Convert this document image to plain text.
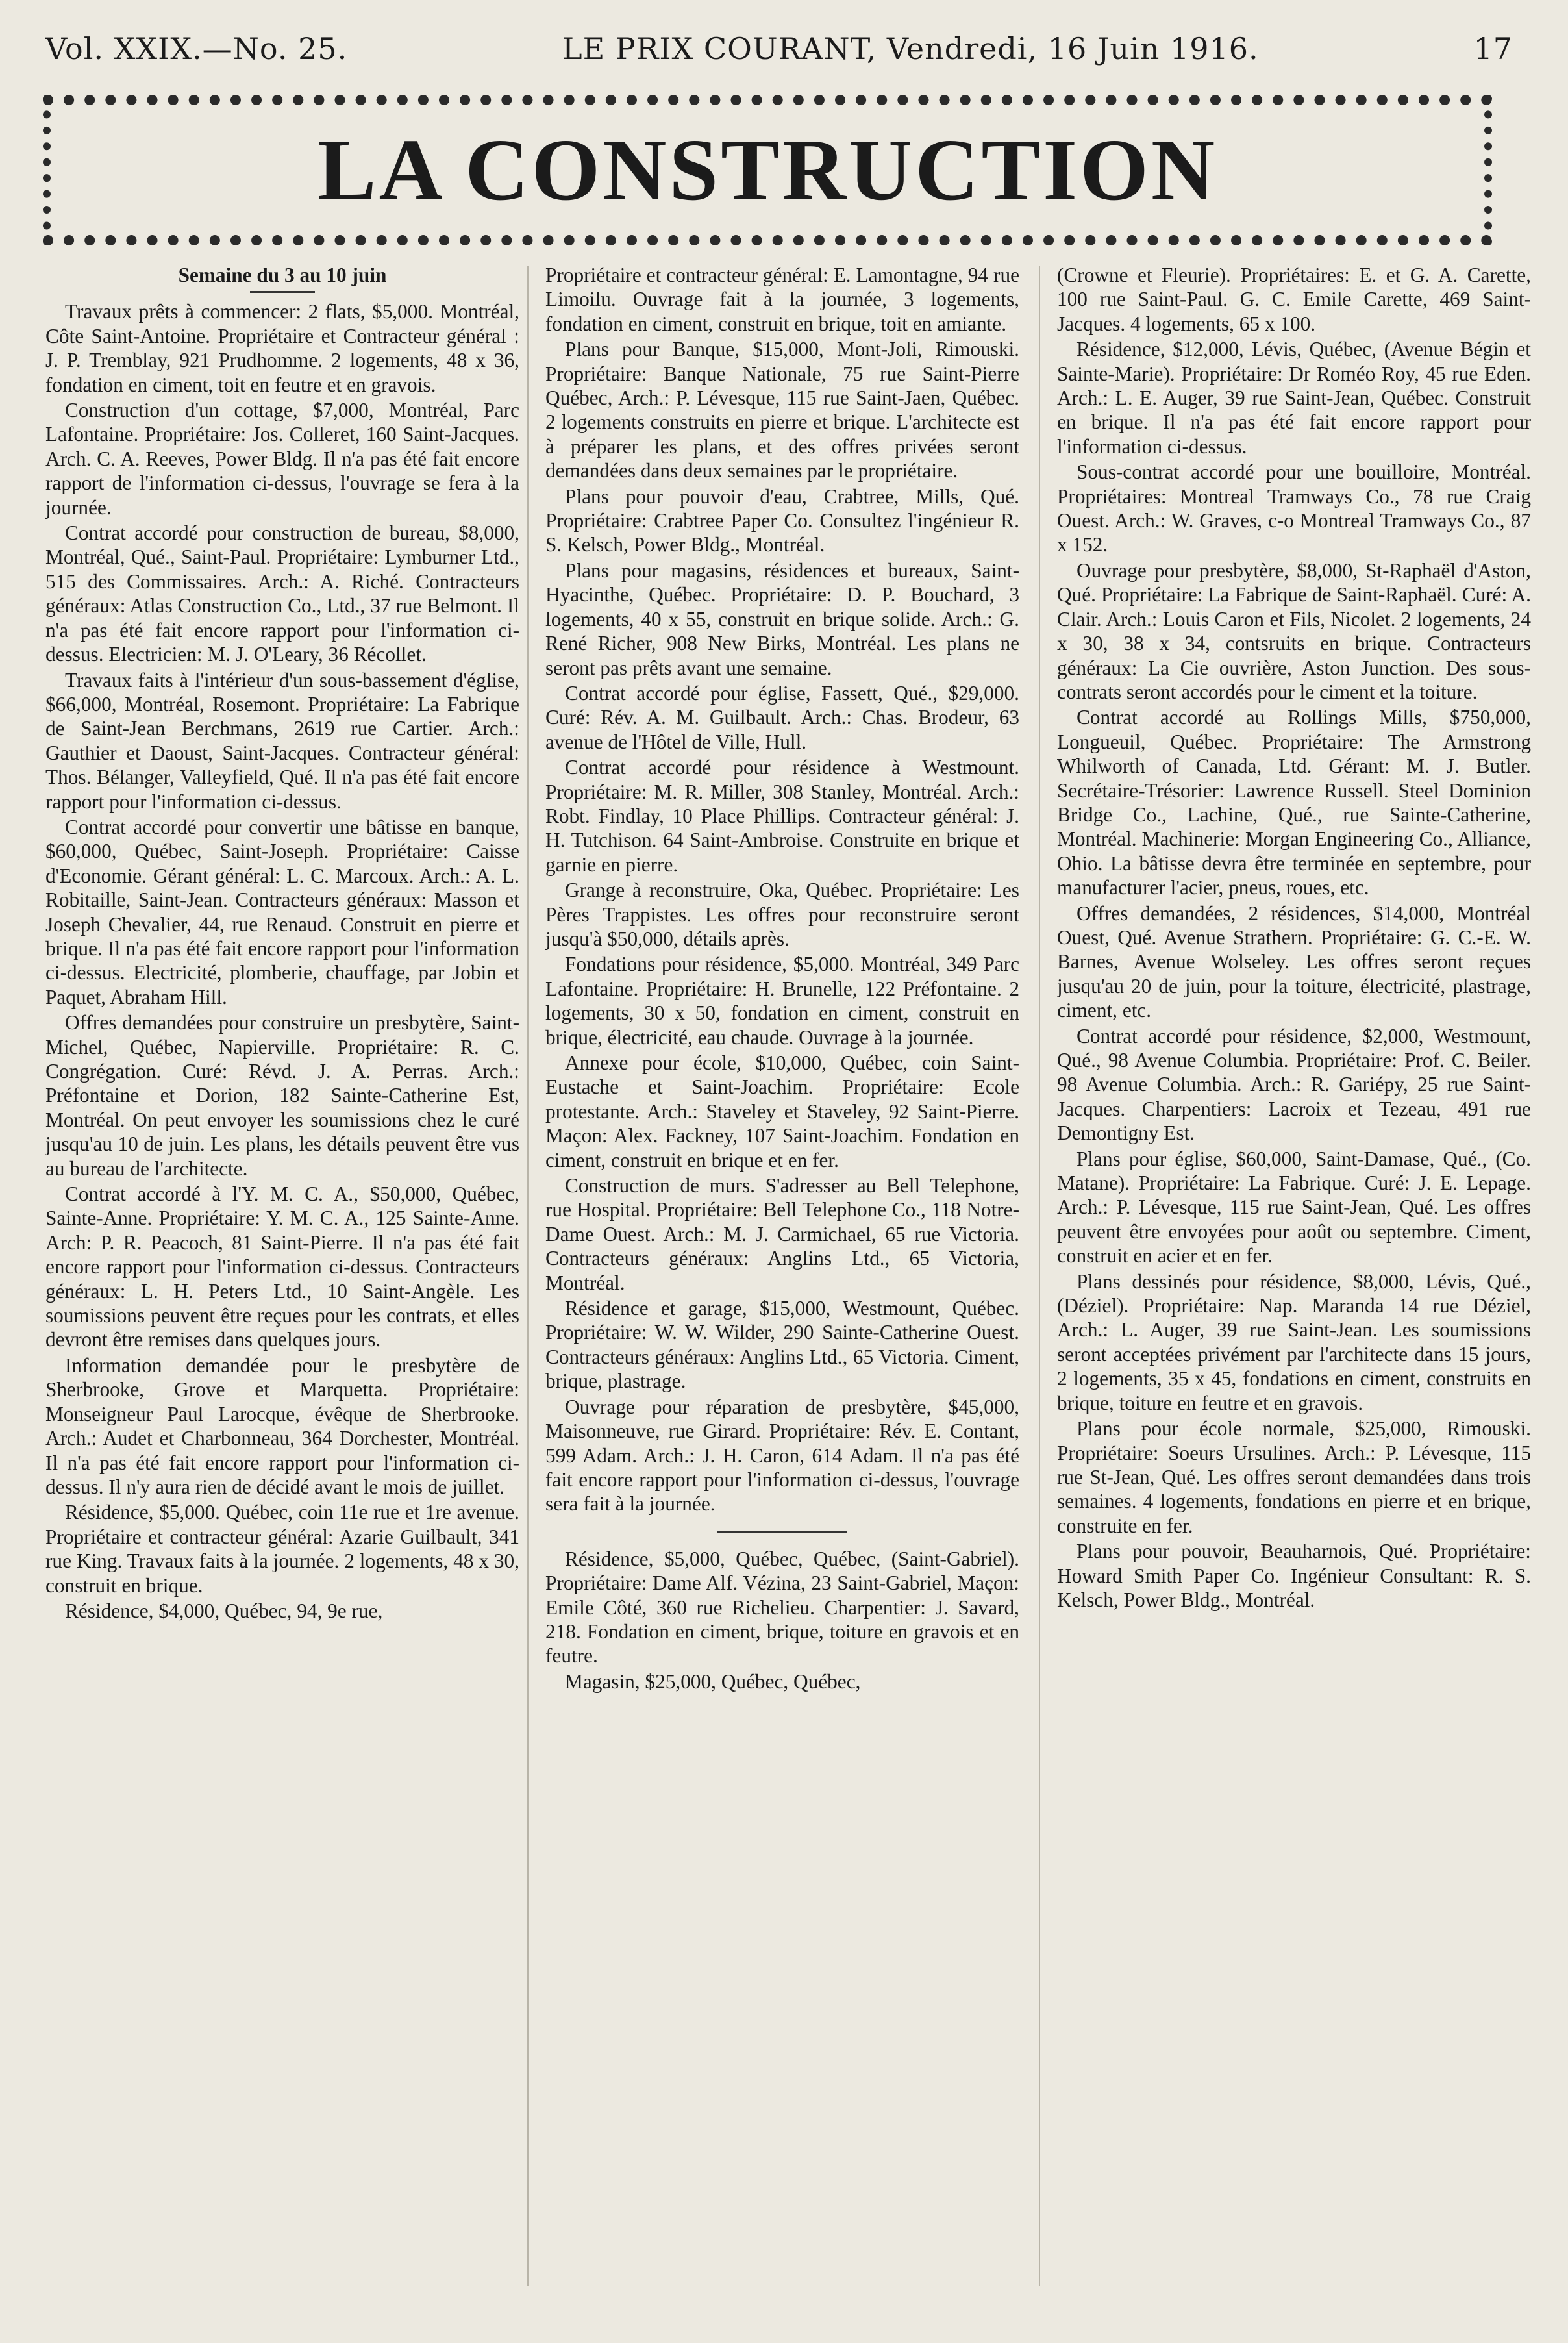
Vol. XXIX.—No. 25.	LE PRIX COURANT, Vendredi, 16 Juin 1916.	17
LA CONSTRUCTION

Semaine du 3 au 10 juin

Travaux prêts à commencer: 2 flats, $5,000. Montréal, Côte Saint-Antoine. Propriétaire et Contracteur général : J. P. Tremblay, 921 Prudhomme. 2 logements, 48 x 36, fondation en ciment, toit en feutre et en gravois.

Construction d'un cottage, $7,000, Montréal, Parc Lafontaine. Propriétaire: Jos. Colleret, 160 Saint-Jacques. Arch. C. A. Reeves, Power Bldg. Il n'a pas été fait encore rapport de l'information ci-dessus, l'ouvrage se fera à la journée.

Contrat accordé pour construction de bureau, $8,000, Montréal, Qué., Saint-Paul. Propriétaire: Lymburner Ltd., 515 des Commissaires. Arch.: A. Riché. Contracteurs généraux: Atlas Construction Co., Ltd., 37 rue Belmont. Il n'a pas été fait encore rapport pour l'information ci-dessus. Electricien: M. J. O'Leary, 36 Récollet.

Travaux faits à l'intérieur d'un sous-bassement d'église, $66,000, Montréal, Rosemont. Propriétaire: La Fabrique de Saint-Jean Berchmans, 2619 rue Cartier. Arch.: Gauthier et Daoust, Saint-Jacques. Contracteur général: Thos. Bélanger, Valleyfield, Qué. Il n'a pas été fait encore rapport pour l'information ci-dessus.

Contrat accordé pour convertir une bâtisse en banque, $60,000, Québec, Saint-Joseph. Propriétaire: Caisse d'Economie. Gérant général: L. C. Marcoux. Arch.: A. L. Robitaille, Saint-Jean. Contracteurs généraux: Masson et Joseph Chevalier, 44, rue Renaud. Construit en pierre et brique. Il n'a pas été fait encore rapport pour l'information ci-dessus. Electricité, plomberie, chauffage, par Jobin et Paquet, Abraham Hill.

Offres demandées pour construire un presbytère, Saint-Michel, Québec, Napierville. Propriétaire: R. C. Congrégation. Curé: Révd. J. A. Perras. Arch.: Préfontaine et Dorion, 182 Sainte-Catherine Est, Montréal. On peut envoyer les soumissions chez le curé jusqu'au 10 de juin. Les plans, les détails peuvent être vus au bureau de l'architecte.

Contrat accordé à l'Y. M. C. A., $50,000, Québec, Sainte-Anne. Propriétaire: Y. M. C. A., 125 Sainte-Anne. Arch: P. R. Peacoch, 81 Saint-Pierre. Il n'a pas été fait encore rapport pour l'information ci-dessus. Contracteurs généraux: L. H. Peters Ltd., 10 Saint-Angèle. Les soumissions peuvent être reçues pour les contrats, et elles devront être remises dans quelques jours.

Information demandée pour le presbytère de Sherbrooke, Grove et Marquetta. Propriétaire: Monseigneur Paul Larocque, évêque de Sherbrooke. Arch.: Audet et Charbonneau, 364 Dorchester, Montréal. Il n'a pas été fait encore rapport pour l'information ci-dessus. Il n'y aura rien de décidé avant le mois de juillet.

Résidence, $5,000. Québec, coin 11e rue et 1re avenue. Propriétaire et contracteur général: Azarie Guilbault, 341 rue King. Travaux faits à la journée. 2 logements, 48 x 30, construit en brique.

Résidence, $4,000, Québec, 94, 9e rue,

Propriétaire et contracteur général: E. Lamontagne, 94 rue Limoilu. Ouvrage fait à la journée, 3 logements, fondation en ciment, construit en brique, toit en amiante.

Plans pour Banque, $15,000, Mont-Joli, Rimouski. Propriétaire: Banque Nationale, 75 rue Saint-Pierre Québec, Arch.: P. Lévesque, 115 rue Saint-Jaen, Québec. 2 logements construits en pierre et brique. L'architecte est à préparer les plans, et des offres privées seront demandées dans deux semaines par le propriétaire.

Plans pour pouvoir d'eau, Crabtree, Mills, Qué. Propriétaire: Crabtree Paper Co. Consultez l'ingénieur R. S. Kelsch, Power Bldg., Montréal.

Plans pour magasins, résidences et bureaux, Saint-Hyacinthe, Québec. Propriétaire: D. P. Bouchard, 3 logements, 40 x 55, construit en brique solide. Arch.: G. René Richer, 908 New Birks, Montréal. Les plans ne seront pas prêts avant une semaine.

Contrat accordé pour église, Fassett, Qué., $29,000. Curé: Rév. A. M. Guilbault. Arch.: Chas. Brodeur, 63 avenue de l'Hôtel de Ville, Hull.

Contrat accordé pour résidence à Westmount. Propriétaire: M. R. Miller, 308 Stanley, Montréal. Arch.: Robt. Findlay, 10 Place Phillips. Contracteur général: J. H. Tutchison. 64 Saint-Ambroise. Construite en brique et garnie en pierre.

Grange à reconstruire, Oka, Québec. Propriétaire: Les Pères Trappistes. Les offres pour reconstruire seront jusqu'à $50,000, détails après.

Fondations pour résidence, $5,000. Montréal, 349 Parc Lafontaine. Propriétaire: H. Brunelle, 122 Préfontaine. 2 logements, 30 x 50, fondation en ciment, construit en brique, électricité, eau chaude. Ouvrage à la journée.

Annexe pour école, $10,000, Québec, coin Saint-Eustache et Saint-Joachim. Propriétaire: Ecole protestante. Arch.: Staveley et Staveley, 92 Saint-Pierre. Maçon: Alex. Fackney, 107 Saint-Joachim. Fondation en ciment, construit en brique et en fer.

Construction de murs. S'adresser au Bell Telephone, rue Hospital. Propriétaire: Bell Telephone Co., 118 Notre-Dame Ouest. Arch.: M. J. Carmichael, 65 rue Victoria. Contracteurs généraux: Anglins Ltd., 65 Victoria, Montréal.

Résidence et garage, $15,000, Westmount, Québec. Propriétaire: W. W. Wilder, 290 Sainte-Catherine Ouest. Contracteurs généraux: Anglins Ltd., 65 Victoria. Ciment, brique, plastrage.

Ouvrage pour réparation de presbytère, $45,000, Maisonneuve, rue Girard. Propriétaire: Rév. E. Contant, 599 Adam. Arch.: J. H. Caron, 614 Adam. Il n'a pas été fait encore rapport pour l'information ci-dessus, l'ouvrage sera fait à la journée.

Résidence, $5,000, Québec, Québec, (Saint-Gabriel). Propriétaire: Dame Alf. Vézina, 23 Saint-Gabriel, Maçon: Emile Côté, 360 rue Richelieu. Charpentier: J. Savard, 218. Fondation en ciment, brique, toiture en gravois et en feutre.

Magasin, $25,000, Québec, Québec,

(Crowne et Fleurie). Propriétaires: E. et G. A. Carette, 100 rue Saint-Paul. G. C. Emile Carette, 469 Saint-Jacques. 4 logements, 65 x 100.

Résidence, $12,000, Lévis, Québec, (Avenue Bégin et Sainte-Marie). Propriétaire: Dr Roméo Roy, 45 rue Eden. Arch.: L. E. Auger, 39 rue Saint-Jean, Québec. Construit en brique. Il n'a pas été fait encore rapport pour l'information ci-dessus.

Sous-contrat accordé pour une bouilloire, Montréal. Propriétaires: Montreal Tramways Co., 78 rue Craig Ouest. Arch.: W. Graves, c-o Montreal Tramways Co., 87 x 152.

Ouvrage pour presbytère, $8,000, St-Raphaël d'Aston, Qué. Propriétaire: La Fabrique de Saint-Raphaël. Curé: A. Clair. Arch.: Louis Caron et Fils, Nicolet. 2 logements, 24 x 30, 38 x 34, contsruits en brique. Contracteurs généraux: La Cie ouvrière, Aston Junction. Des sous-contrats seront accordés pour le ciment et la toiture.

Contrat accordé au Rollings Mills, $750,000, Longueuil, Québec. Propriétaire: The Armstrong Whilworth of Canada, Ltd. Gérant: M. J. Butler. Secrétaire-Trésorier: Lawrence Russell. Steel Dominion Bridge Co., Lachine, Qué., rue Sainte-Catherine, Montréal. Machinerie: Morgan Engineering Co., Alliance, Ohio. La bâtisse devra être terminée en septembre, pour manufacturer l'acier, pneus, roues, etc.

Offres demandées, 2 résidences, $14,000, Montréal Ouest, Qué. Avenue Strathern. Propriétaire: G. C.-E. W. Barnes, Avenue Wolseley. Les offres seront reçues jusqu'au 20 de juin, pour la toiture, électricité, plastrage, ciment, etc.

Contrat accordé pour résidence, $2,000, Westmount, Qué., 98 Avenue Columbia. Propriétaire: Prof. C. Beiler. 98 Avenue Columbia. Arch.: R. Gariépy, 25 rue Saint-Jacques. Charpentiers: Lacroix et Tezeau, 491 rue Demontigny Est.

Plans pour église, $60,000, Saint-Damase, Qué., (Co. Matane). Propriétaire: La Fabrique. Curé: J. E. Lepage. Arch.: P. Lévesque, 115 rue Saint-Jean, Qué. Les offres peuvent être envoyées pour août ou septembre. Ciment, construit en acier et en fer.

Plans dessinés pour résidence, $8,000, Lévis, Qué., (Déziel). Propriétaire: Nap. Maranda 14 rue Déziel, Arch.: L. Auger, 39 rue Saint-Jean. Les soumissions seront acceptées privément par l'architecte dans 15 jours, 2 logements, 35 x 45, fondations en ciment, construits en brique, toiture en feutre et en gravois.

Plans pour école normale, $25,000, Rimouski. Propriétaire: Soeurs Ursulines. Arch.: P. Lévesque, 115 rue St-Jean, Qué. Les offres seront demandées dans trois semaines. 4 logements, fondations en pierre et en brique, construite en fer.

Plans pour pouvoir, Beauharnois, Qué. Propriétaire: Howard Smith Paper Co. Ingénieur Consultant: R. S. Kelsch, Power Bldg., Montréal.
